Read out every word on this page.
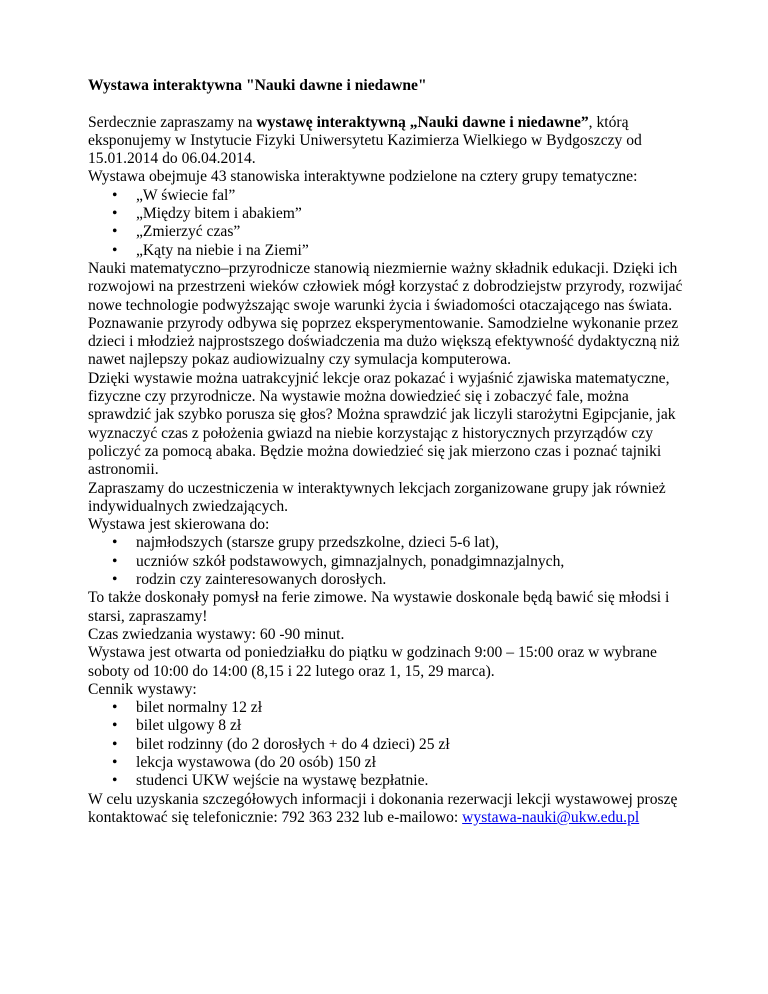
Wystawa interaktywna "Nauki dawne i niedawne"

Serdecznie zapraszamy na wystawę interaktywną „Nauki dawne i niedawne”, którą eksponujemy w Instytucie Fizyki Uniwersytetu Kazimierza Wielkiego w Bydgoszczy od 15.01.2014 do 06.04.2014.

Wystawa obejmuje 43 stanowiska interaktywne podzielone na cztery grupy tematyczne:

• „W świecie fal”
• „Między bitem i abakiem”
• „Zmierzyć czas”
• „Kąty na niebie i na Ziemi”

Nauki matematyczno–przyrodnicze stanowią niezmiernie ważny składnik edukacji. Dzięki ich rozwojowi na przestrzeni wieków człowiek mógł korzystać z dobrodziejstw przyrody, rozwijać nowe technologie podwyższając swoje warunki życia i świadomości otaczającego nas świata.

Poznawanie przyrody odbywa się poprzez eksperymentowanie. Samodzielne wykonanie przez dzieci i młodzież najprostszego doświadczenia ma dużo większą efektywność dydaktyczną niż nawet najlepszy pokaz audiowizualny czy symulacja komputerowa.

Dzięki wystawie można uatrakcyjnić lekcje oraz pokazać i wyjaśnić zjawiska matematyczne, fizyczne czy przyrodnicze. Na wystawie można dowiedzieć się i zobaczyć fale, można sprawdzić jak szybko porusza się głos? Można sprawdzić jak liczyli starożytni Egipcjanie, jak wyznaczyć czas z położenia gwiazd na niebie korzystając z historycznych przyrządów czy policzyć za pomocą abaka. Będzie można dowiedzieć się jak mierzono czas i poznać tajniki astronomii.

Zapraszamy do uczestniczenia w interaktywnych lekcjach zorganizowane grupy jak również indywidualnych zwiedzających.

Wystawa jest skierowana do:

• najmłodszych (starsze grupy przedszkolne, dzieci 5-6 lat),
• uczniów szkół podstawowych, gimnazjalnych, ponadgimnazjalnych,
• rodzin czy zainteresowanych dorosłych.

To także doskonały pomysł na ferie zimowe. Na wystawie doskonale będą bawić się młodsi i starsi, zapraszamy!

Czas zwiedzania wystawy: 60 -90 minut.

Wystawa jest otwarta od poniedziałku do piątku w godzinach 9:00 – 15:00 oraz w wybrane soboty od 10:00 do 14:00 (8,15 i 22 lutego oraz 1, 15, 29 marca).

Cennik wystawy:

• bilet normalny 12 zł
• bilet ulgowy 8 zł
• bilet rodzinny (do 2 dorosłych + do 4 dzieci) 25 zł
• lekcja wystawowa (do 20 osób) 150 zł
• studenci UKW wejście na wystawę bezpłatnie.

W celu uzyskania szczegółowych informacji i dokonania rezerwacji lekcji wystawowej proszę kontaktować się telefonicznie: 792 363 232 lub e-mailowo: wystawa-nauki@ukw.edu.pl
